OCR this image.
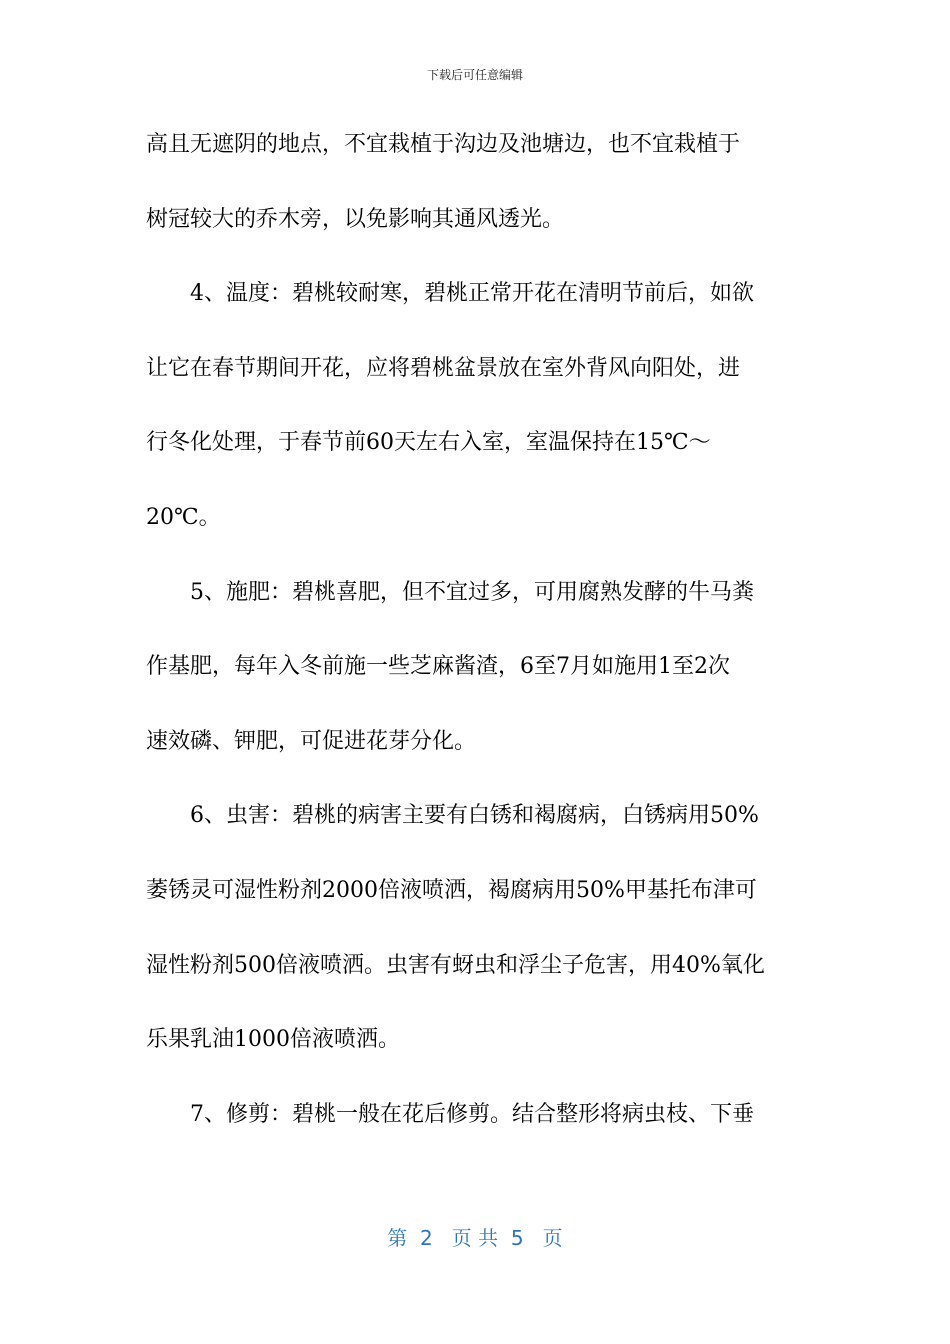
下载后可任意编辑
高且无遮阴的地点，不宜栽植于沟边及池塘边，也不宜栽植于
树冠较大的乔木旁，以免影响其通风透光。
　　4、温度：碧桃较耐寒，碧桃正常开花在清明节前后，如欲
让它在春节期间开花，应将碧桃盆景放在室外背风向阳处，进
行冬化处理，于春节前60天左右入室，室温保持在15℃～
20℃。
　　5、施肥：碧桃喜肥，但不宜过多，可用腐熟发酵的牛马粪
作基肥，每年入冬前施一些芝麻酱渣，6至7月如施用1至2次
速效磷、钾肥，可促进花芽分化。
　　6、虫害：碧桃的病害主要有白锈和褐腐病，白锈病用50%
萎锈灵可湿性粉剂2000倍液喷洒，褐腐病用50%甲基托布津可
湿性粉剂500倍液喷洒。虫害有蚜虫和浮尘子危害，用40%氧化
乐果乳油1000倍液喷洒。
　　7、修剪：碧桃一般在花后修剪。结合整形将病虫枝、下垂
第  2   页 共  5   页
